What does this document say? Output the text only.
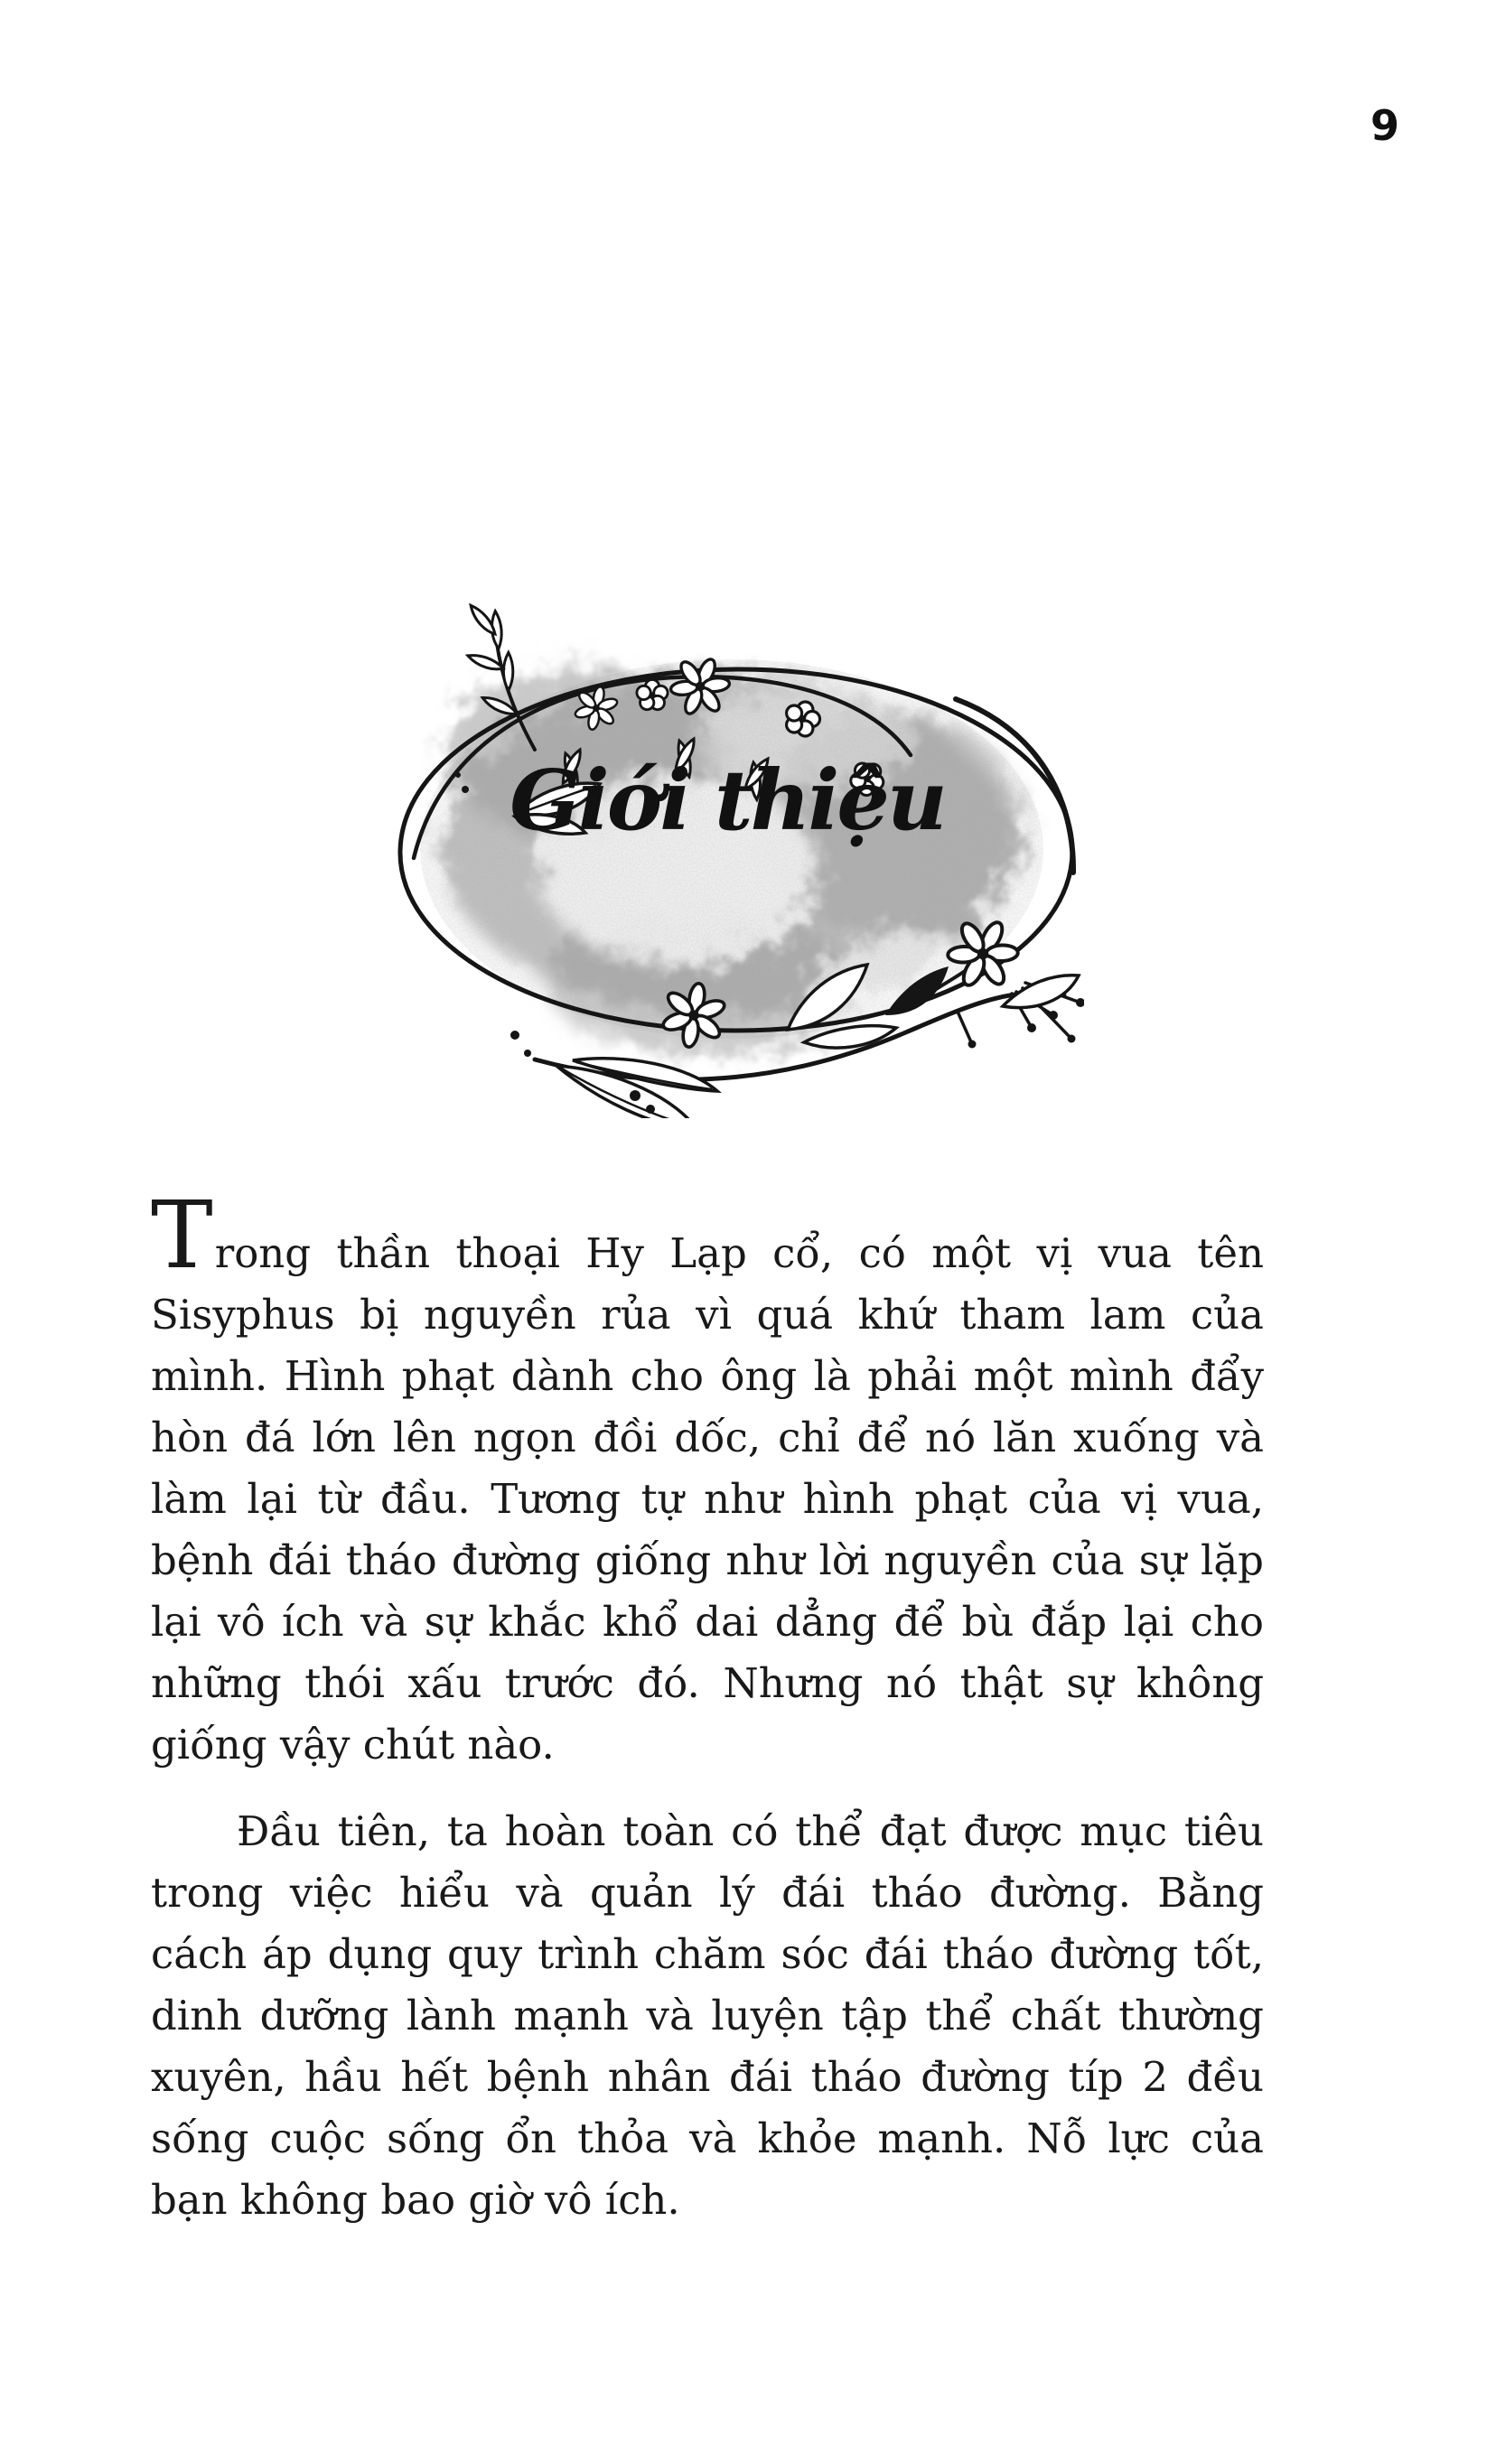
9
Giới thiệu
Trong thần thoại Hy Lạp cổ, có một vị vua tên
Sisyphus bị nguyền rủa vì quá khứ tham lam của
mình. Hình phạt dành cho ông là phải một mình đẩy
hòn đá lớn lên ngọn đồi dốc, chỉ để nó lăn xuống và
làm lại từ đầu. Tương tự như hình phạt của vị vua,
bệnh đái tháo đường giống như lời nguyền của sự lặp
lại vô ích và sự khắc khổ dai dẳng để bù đắp lại cho
những thói xấu trước đó. Nhưng nó thật sự không
giống vậy chút nào.
Đầu tiên, ta hoàn toàn có thể đạt được mục tiêu
trong việc hiểu và quản lý đái tháo đường. Bằng
cách áp dụng quy trình chăm sóc đái tháo đường tốt,
dinh dưỡng lành mạnh và luyện tập thể chất thường
xuyên, hầu hết bệnh nhân đái tháo đường típ 2 đều
sống cuộc sống ổn thỏa và khỏe mạnh. Nỗ lực của
bạn không bao giờ vô ích.
